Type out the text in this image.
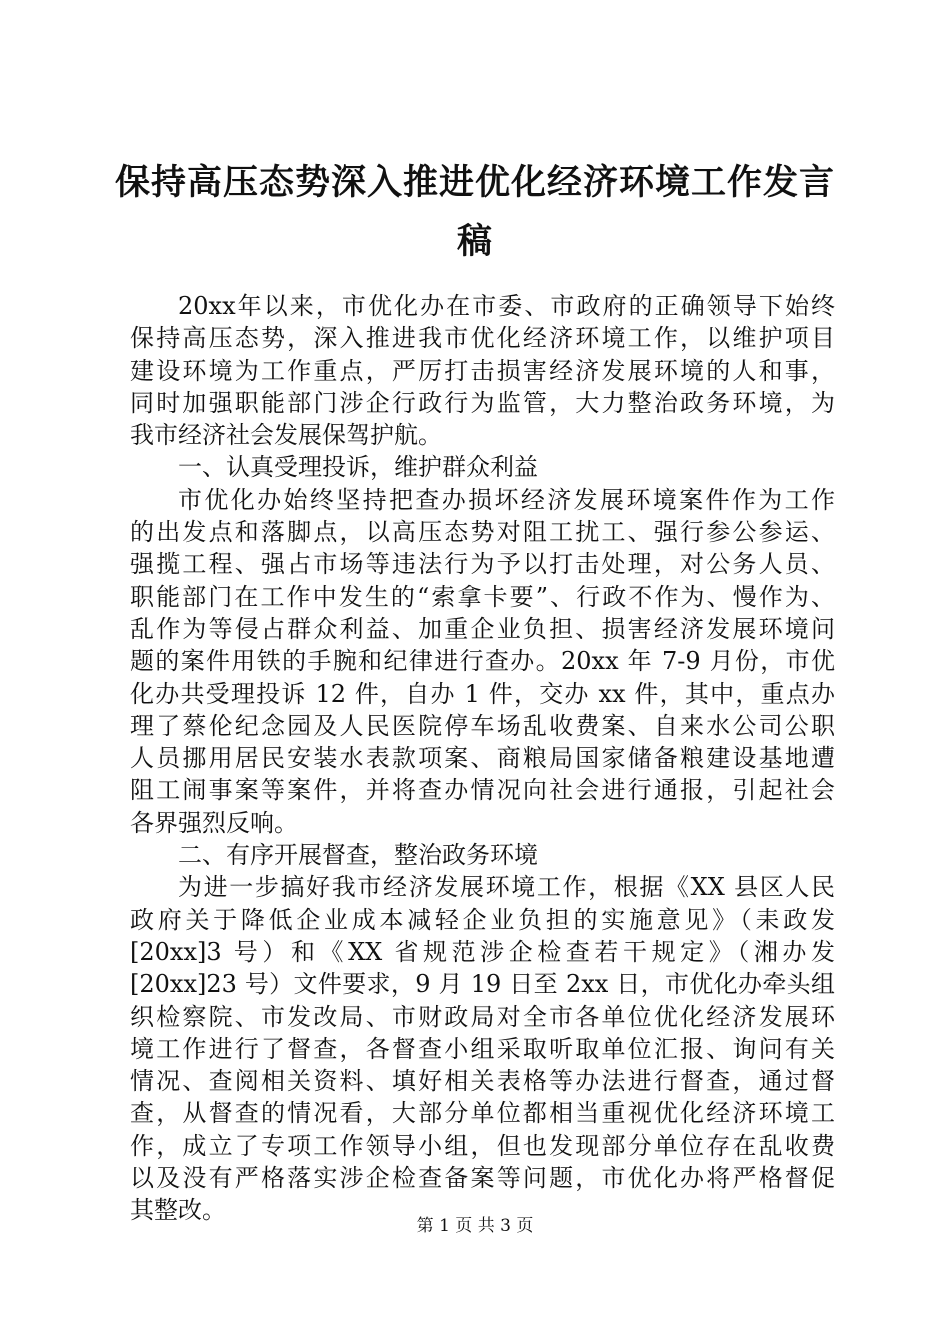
保持高压态势深入推进优化经济环境工作发言
稿
20xx年以来，市优化办在市委、市政府的正确领导下始终
保持高压态势，深入推进我市优化经济环境工作，以维护项目
建设环境为工作重点，严厉打击损害经济发展环境的人和事，
同时加强职能部门涉企行政行为监管，大力整治政务环境，为
我市经济社会发展保驾护航。
一、认真受理投诉，维护群众利益
市优化办始终坚持把查办损坏经济发展环境案件作为工作
的出发点和落脚点，以高压态势对阻工扰工、强行参公参运、
强揽工程、强占市场等违法行为予以打击处理，对公务人员、
职能部门在工作中发生的“索拿卡要”、行政不作为、慢作为、
乱作为等侵占群众利益、加重企业负担、损害经济发展环境问
题的案件用铁的手腕和纪律进行查办。20xx 年 7-9 月份，市优
化办共受理投诉 12 件，自办 1 件，交办 xx 件，其中，重点办
理了蔡伦纪念园及人民医院停车场乱收费案、自来水公司公职
人员挪用居民安装水表款项案、商粮局国家储备粮建设基地遭
阻工闹事案等案件，并将查办情况向社会进行通报，引起社会
各界强烈反响。
二、有序开展督查，整治政务环境
为进一步搞好我市经济发展环境工作，根据《XX 县区人民
政府关于降低企业成本减轻企业负担的实施意见》（耒政发
[20xx]3 号）和《XX 省规范涉企检查若干规定》（湘办发
[20xx]23 号）文件要求，9 月 19 日至 2xx 日，市优化办牵头组
织检察院、市发改局、市财政局对全市各单位优化经济发展环
境工作进行了督查，各督查小组采取听取单位汇报、询问有关
情况、查阅相关资料、填好相关表格等办法进行督查，通过督
查，从督查的情况看，大部分单位都相当重视优化经济环境工
作，成立了专项工作领导小组，但也发现部分单位存在乱收费
以及没有严格落实涉企检查备案等问题，市优化办将严格督促
其整改。
第 1 页 共 3 页
